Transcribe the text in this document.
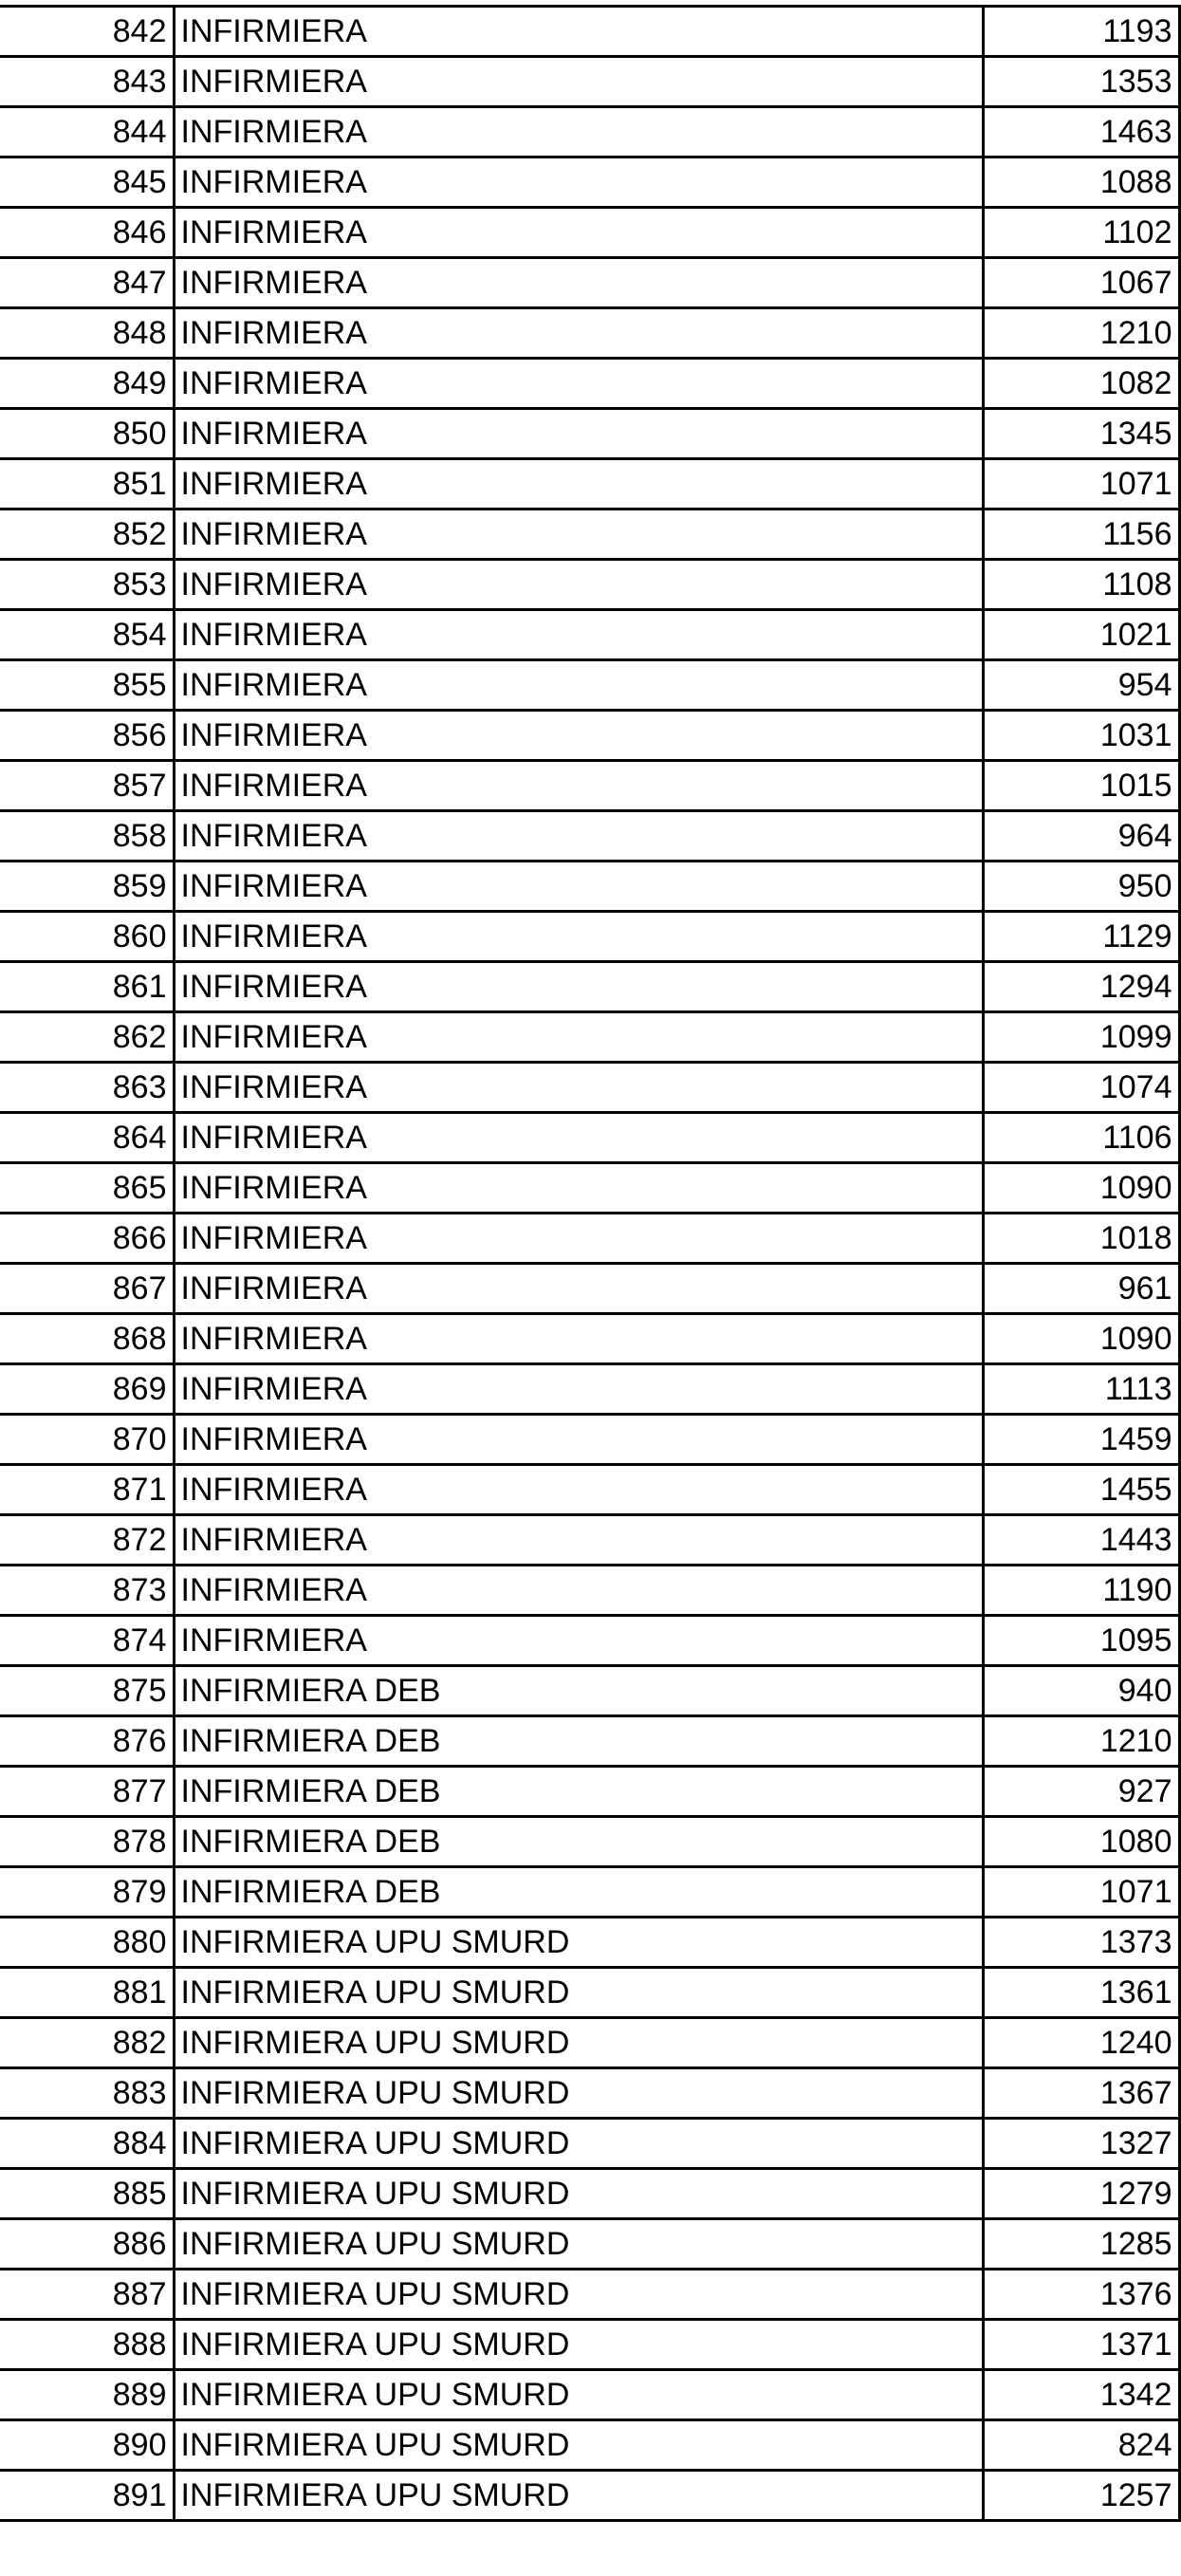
842	INFIRMIERA	1193
843	INFIRMIERA	1353
844	INFIRMIERA	1463
845	INFIRMIERA	1088
846	INFIRMIERA	1102
847	INFIRMIERA	1067
848	INFIRMIERA	1210
849	INFIRMIERA	1082
850	INFIRMIERA	1345
851	INFIRMIERA	1071
852	INFIRMIERA	1156
853	INFIRMIERA	1108
854	INFIRMIERA	1021
855	INFIRMIERA	954
856	INFIRMIERA	1031
857	INFIRMIERA	1015
858	INFIRMIERA	964
859	INFIRMIERA	950
860	INFIRMIERA	1129
861	INFIRMIERA	1294
862	INFIRMIERA	1099
863	INFIRMIERA	1074
864	INFIRMIERA	1106
865	INFIRMIERA	1090
866	INFIRMIERA	1018
867	INFIRMIERA	961
868	INFIRMIERA	1090
869	INFIRMIERA	1113
870	INFIRMIERA	1459
871	INFIRMIERA	1455
872	INFIRMIERA	1443
873	INFIRMIERA	1190
874	INFIRMIERA	1095
875	INFIRMIERA DEB	940
876	INFIRMIERA DEB	1210
877	INFIRMIERA DEB	927
878	INFIRMIERA DEB	1080
879	INFIRMIERA DEB	1071
880	INFIRMIERA UPU SMURD	1373
881	INFIRMIERA UPU SMURD	1361
882	INFIRMIERA UPU SMURD	1240
883	INFIRMIERA UPU SMURD	1367
884	INFIRMIERA UPU SMURD	1327
885	INFIRMIERA UPU SMURD	1279
886	INFIRMIERA UPU SMURD	1285
887	INFIRMIERA UPU SMURD	1376
888	INFIRMIERA UPU SMURD	1371
889	INFIRMIERA UPU SMURD	1342
890	INFIRMIERA UPU SMURD	824
891	INFIRMIERA UPU SMURD	1257
